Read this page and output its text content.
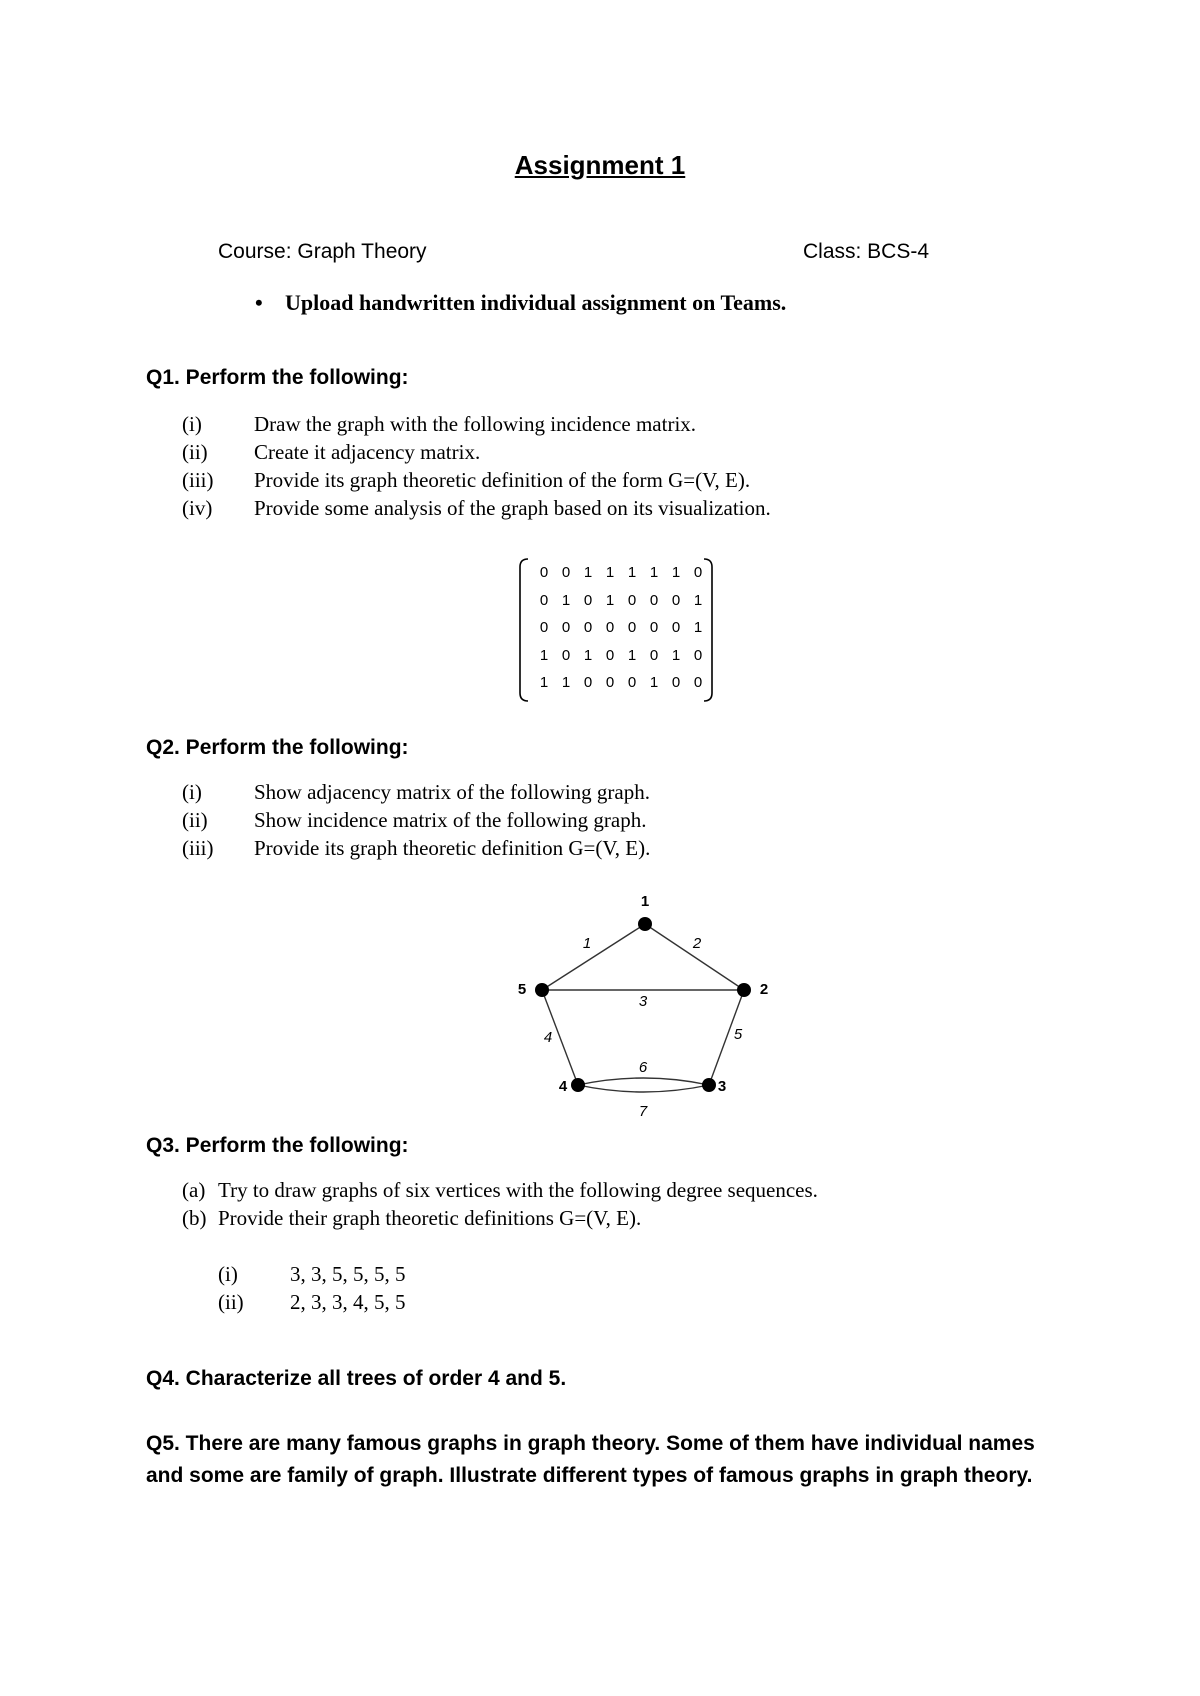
Assignment 1
Course: Graph Theory	Class: BCS-4
• Upload handwritten individual assignment on Teams.
Q1. Perform the following:
(i) Draw the graph with the following incidence matrix.
(ii) Create it adjacency matrix.
(iii) Provide its graph theoretic definition of the form G=(V, E).
(iv) Provide some analysis of the graph based on its visualization.
0 0 1 1 1 1 1 0
0 1 0 1 0 0 0 1
0 0 0 0 0 0 0 1
1 0 1 0 1 0 1 0
1 1 0 0 0 1 0 0
Q2. Perform the following:
(i) Show adjacency matrix of the following graph.
(ii) Show incidence matrix of the following graph.
(iii) Provide its graph theoretic definition G=(V, E).
1	2
3
4	5
6
7
1
2
3
4
5
Q3. Perform the following:
(a) Try to draw graphs of six vertices with the following degree sequences.
(b) Provide their graph theoretic definitions G=(V, E).
(i) 3, 3, 5, 5, 5, 5
(ii) 2, 3, 3, 4, 5, 5
Q4. Characterize all trees of order 4 and 5.
Q5. There are many famous graphs in graph theory. Some of them have individual names and some are family of graph. Illustrate different types of famous graphs in graph theory.
